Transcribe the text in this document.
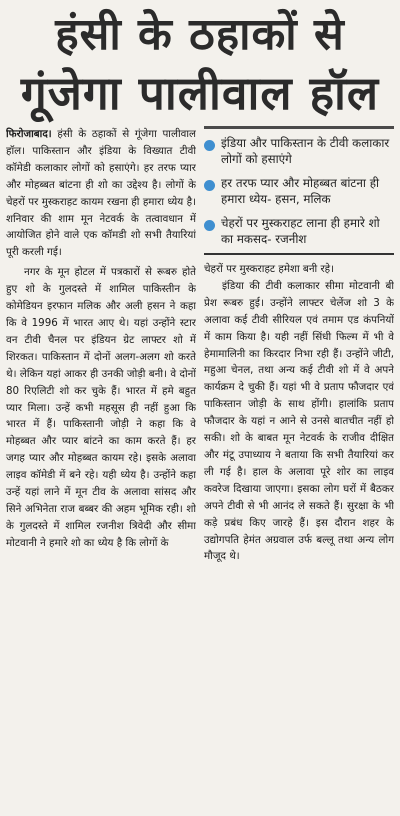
हंसी के ठहाकों से
गूंजेगा पालीवाल हॉल

फिरोजाबाद। हंसी के ठहाकों से गूंजेगा पालीवाल हॉल। पाकिस्तान और इंडिया के विख्यात टीवी कॉमेडी कलाकार लोगों को हसाएंगे। हर तरफ प्यार और मोहब्बत बांटना ही शो का उद्देश्य है। लोगों के चेहरों पर मुस्कराहट कायम रखना ही हमारा ध्येय है। शनिवार की शाम मून नेटवर्क के तत्वावधान में आयोजित होने वाले एक कॉमडी शो सभी तैयारियां पूरी करली गई।

नगर के मून होटल में पत्रकारों से रूबरु होते हुए शो के गुलदस्ते में शामिल पाकिस्तीन के कोमेडियन इरफान मलिक और अली हसन ने कहा कि वे 1996 में भारत आए थे। यहां उन्होंने स्टार वन टीवी चैनल पर इंडियन ग्रेट लाफ्टर शो में शिरकत। पाकिस्तान में दोनों अलग-अलग शो करते थे। लेकिन यहां आकर ही उनकी जोड़ी बनी। वे दोनों 80 रिएलिटी शो कर चुके हैं। भारत में हमे बहुत प्यार मिला। उन्हें कभी महसूस ही नहीं हुआ कि भारत में हैं। पाकिस्तानी जोड़ी ने कहा कि वे मोहब्बत और प्यार बांटने का काम करते हैं। हर जगह प्यार और मोहब्बत कायम रहे। इसके अलावा लाइव कॉमेडी में बने रहे। यही ध्येय है। उन्होंने कहा उन्हें यहां लाने में मून टीव के अलावा सांसद और सिने अभिनेता राज बब्बर की अहम भूमिक रही। शो के गुलदस्ते में शामिल रजनीश त्रिवेदी और सीमा मोटवानी ने हमारे शो का ध्येय है कि लोगों के

इंडिया और पाकिस्तान के टीवी कलाकार लोगों को हसाएंगे
हर तरफ प्यार और मोहब्बत बांटना ही हमारा ध्येय- हसन, मलिक
चेहरों पर मुस्कराहट लाना ही हमारे शो का मकसद- रजनीश

चेहरों पर मुस्कराहट हमेशा बनी रहे।

इंडिया की टीवी कलाकार सीमा मोटवानी बी प्रेश रूबरु हुई। उन्होंने लाफ्टर चेलेंज शो 3 के अलावा कई टीवी सीरियल एवं तमाम एड कंपनियों में काम किया है। यही नहीं सिंधी फिल्म में भी वे हेमामालिनी का किरदार निभा रही हैं। उन्होंने जीटी, महुआ चेनल, तथा अन्य कई टीवी शो में वे अपने कार्यक्रम दे चुकी हैं। यहां भी वे प्रताप फौजदार एवं पाकिस्तान जोड़ी के साथ होंगी। हालांकि प्रताप फौजदार के यहां न आने से उनसे बातचीत नहीं हो सकी। शो के बाबत मून नेटवर्क के राजीव दीक्षित और मंटू उपाध्याय ने बताया कि सभी तैयारियां कर ली गई है। हाल के अलावा पूरे शोर का लाइव कवरेज दिखाया जाएगा। इसका लोग घरों में बैठकर अपने टीवी से भी आनंद ले सकते हैं। सुरक्षा के भी कड़े प्रबंध किए जारहे हैं। इस दौरान शहर के उद्योगपति हेमंत अग्रवाल उर्फ बल्लू तथा अन्य लोग मौजूद थे।
